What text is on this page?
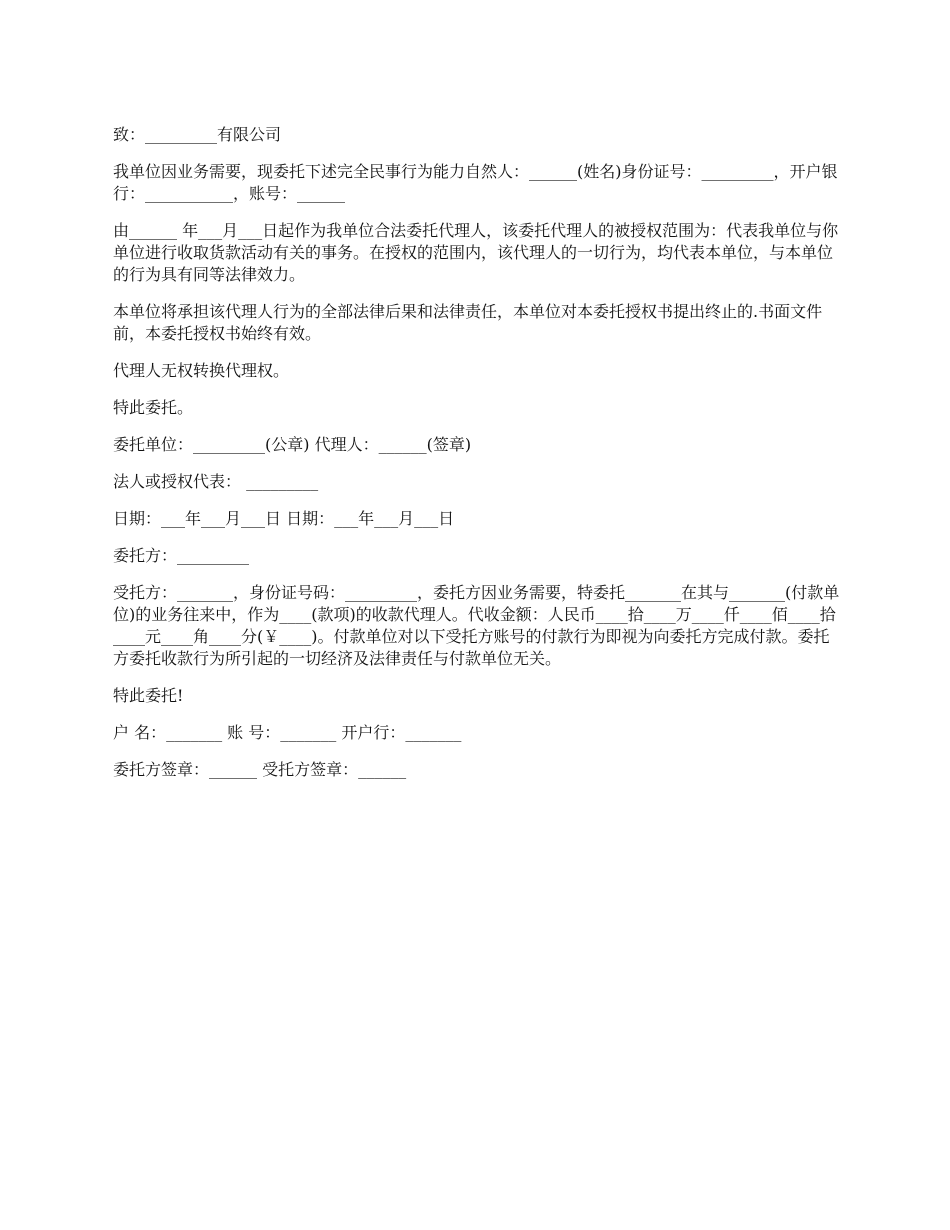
致：_________有限公司

我单位因业务需要，现委托下述完全民事行为能力自然人：______(姓名)身份证号：_________，开户银行：___________，账号：______

由______ 年___月___日起作为我单位合法委托代理人，该委托代理人的被授权范围为：代表我单位与你单位进行收取货款活动有关的事务。在授权的范围内，该代理人的一切行为，均代表本单位，与本单位的行为具有同等法律效力。

本单位将承担该代理人行为的全部法律后果和法律责任，本单位对本委托授权书提出终止的.书面文件前，本委托授权书始终有效。

代理人无权转换代理权。

特此委托。

委托单位：_________(公章) 代理人：______(签章)

法人或授权代表： _________

日期：___年___月___日 日期：___年___月___日

委托方：_________

受托方：_______，身份证号码：_________，委托方因业务需要，特委托_______在其与_______(付款单位)的业务往来中，作为____(款项)的收款代理人。代收金额：人民币____拾____万____仟____佰____拾____元____角____分(￥____)。付款单位对以下受托方账号的付款行为即视为向委托方完成付款。委托方委托收款行为所引起的一切经济及法律责任与付款单位无关。

特此委托!

户 名：_______ 账 号：_______ 开户行：_______

委托方签章：______ 受托方签章：______
